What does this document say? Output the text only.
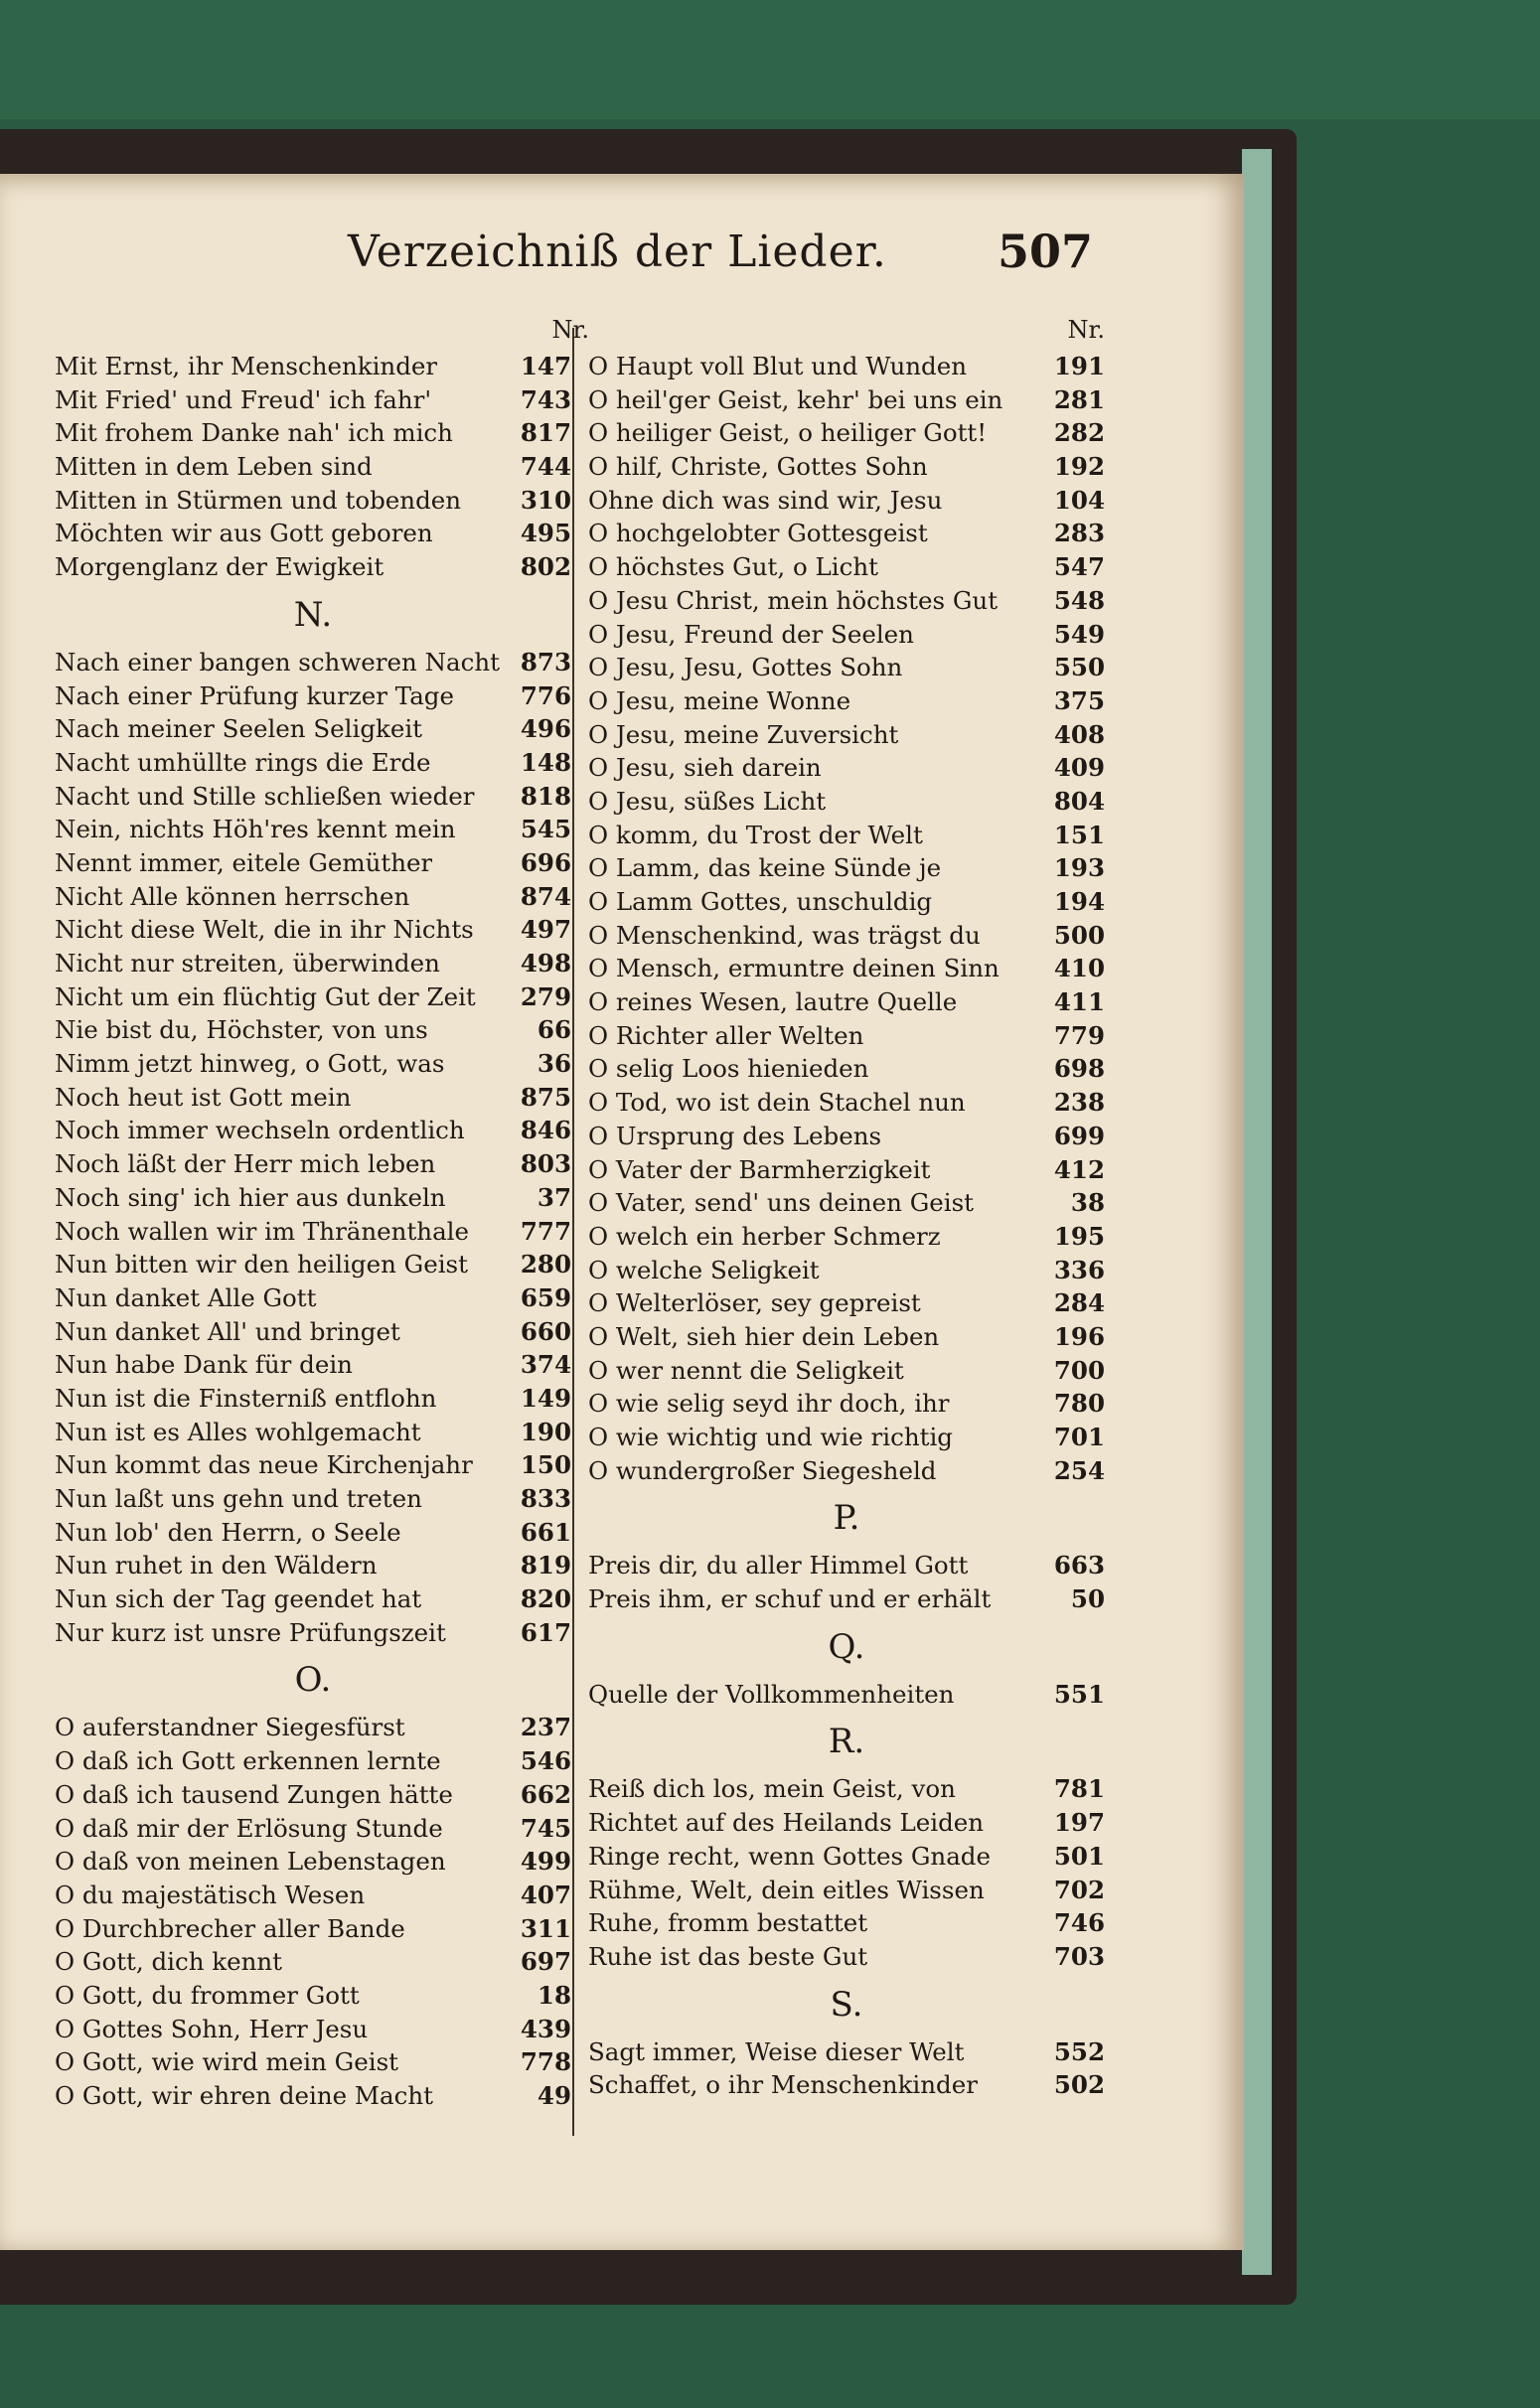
Verzeichniß der Lieder. 507
Nr.
Mit Ernst, ihr Menschenkinder	147
Mit Fried' und Freud' ich fahr'	743
Mit frohem Danke nah' ich mich	817
Mitten in dem Leben sind	744
Mitten in Stürmen und tobenden	310
Möchten wir aus Gott geboren	495
Morgenglanz der Ewigkeit	802
N.
Nach einer bangen schweren Nacht 873
Nach einer Prüfung kurzer Tage	776
Nach meiner Seelen Seligkeit	496
Nacht umhüllte rings die Erde	148
Nacht und Stille schließen wieder	818
Nein, nichts Höh'res kennt mein	545
Nennt immer, eitele Gemüther	696
Nicht Alle können herrschen	874
Nicht diese Welt, die in ihr Nichts	497
Nicht nur streiten, überwinden	498
Nicht um ein flüchtig Gut der Zeit	279
Nie bist du, Höchster, von uns	66
Nimm jetzt hinweg, o Gott, was	36
Noch heut ist Gott mein	875
Noch immer wechseln ordentlich	846
Noch läßt der Herr mich leben	803
Noch sing' ich hier aus dunkeln	37
Noch wallen wir im Thränenthale	777
Nun bitten wir den heiligen Geist	280
Nun danket Alle Gott	659
Nun danket All' und bringet	660
Nun habe Dank für dein	374
Nun ist die Finsterniß entflohn	149
Nun ist es Alles wohlgemacht	190
Nun kommt das neue Kirchenjahr	150
Nun laßt uns gehn und treten	833
Nun lob' den Herrn, o Seele	661
Nun ruhet in den Wäldern	819
Nun sich der Tag geendet hat	820
Nur kurz ist unsre Prüfungszeit	617
O.
O auferstandner Siegesfürst	237
O daß ich Gott erkennen lernte	546
O daß ich tausend Zungen hätte	662
O daß mir der Erlösung Stunde	745
O daß von meinen Lebenstagen	499
O du majestätisch Wesen	407
O Durchbrecher aller Bande	311
O Gott, dich kennt	697
O Gott, du frommer Gott	18
O Gottes Sohn, Herr Jesu	439
O Gott, wie wird mein Geist	778
O Gott, wir ehren deine Macht	49
Nr.
O Haupt voll Blut und Wunden	191
O heil'ger Geist, kehr' bei uns ein	281
O heiliger Geist, o heiliger Gott!	282
O hilf, Christe, Gottes Sohn	192
Ohne dich was sind wir, Jesu	104
O hochgelobter Gottesgeist	283
O höchstes Gut, o Licht	547
O Jesu Christ, mein höchstes Gut	548
O Jesu, Freund der Seelen	549
O Jesu, Jesu, Gottes Sohn	550
O Jesu, meine Wonne	375
O Jesu, meine Zuversicht	408
O Jesu, sieh darein	409
O Jesu, süßes Licht	804
O komm, du Trost der Welt	151
O Lamm, das keine Sünde je	193
O Lamm Gottes, unschuldig	194
O Menschenkind, was trägst du	500
O Mensch, ermuntre deinen Sinn	410
O reines Wesen, lautre Quelle	411
O Richter aller Welten	779
O selig Loos hienieden	698
O Tod, wo ist dein Stachel nun	238
O Ursprung des Lebens	699
O Vater der Barmherzigkeit	412
O Vater, send' uns deinen Geist	38
O welch ein herber Schmerz	195
O welche Seligkeit	336
O Welterlöser, sey gepreist	284
O Welt, sieh hier dein Leben	196
O wer nennt die Seligkeit	700
O wie selig seyd ihr doch, ihr	780
O wie wichtig und wie richtig	701
O wundergroßer Siegesheld	254
P.
Preis dir, du aller Himmel Gott	663
Preis ihm, er schuf und er erhält	50
Q.
Quelle der Vollkommenheiten	551
R.
Reiß dich los, mein Geist, von	781
Richtet auf des Heilands Leiden	197
Ringe recht, wenn Gottes Gnade	501
Rühme, Welt, dein eitles Wissen	702
Ruhe, fromm bestattet	746
Ruhe ist das beste Gut	703
S.
Sagt immer, Weise dieser Welt	552
Schaffet, o ihr Menschenkinder	502
